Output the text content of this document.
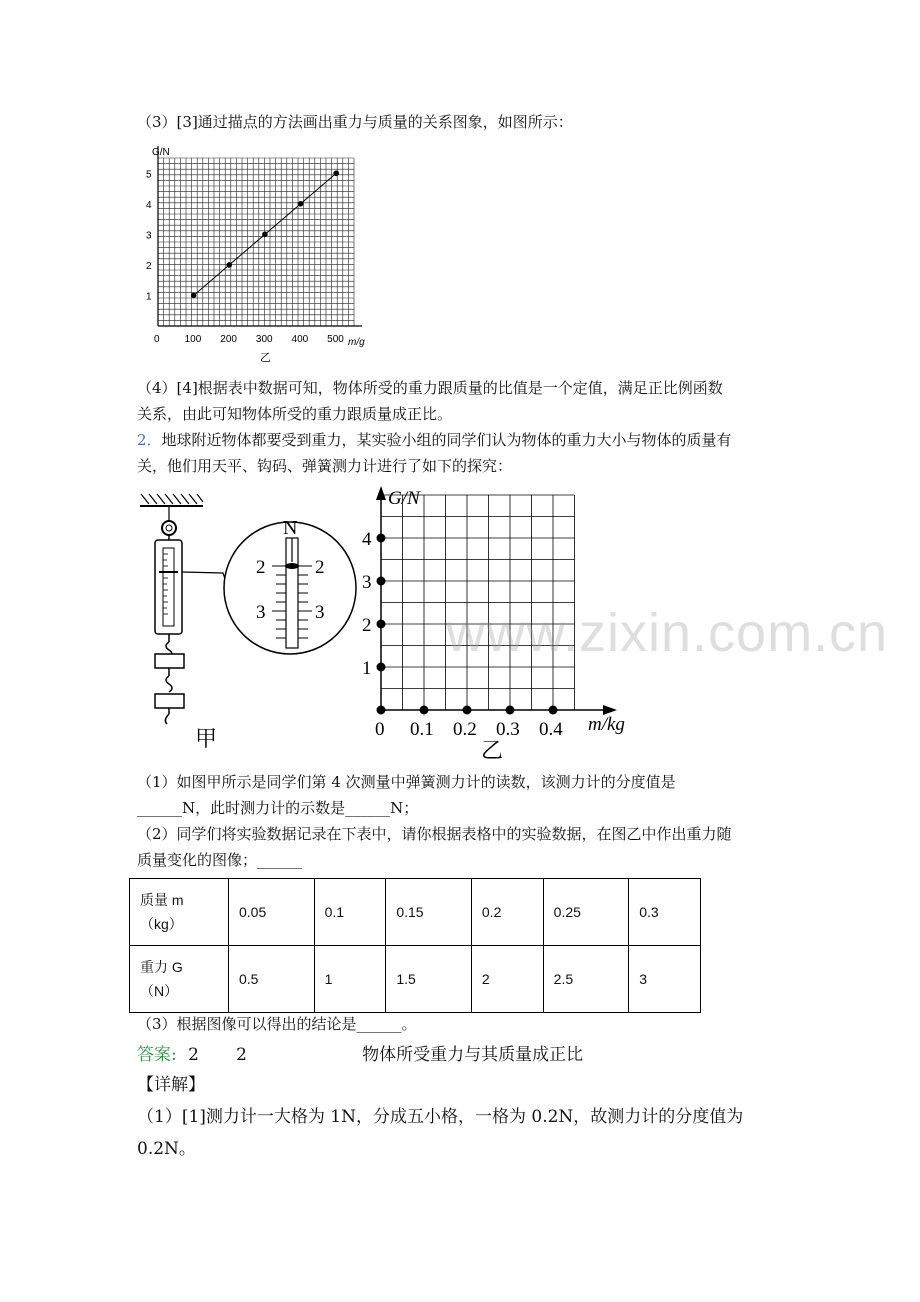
（3）[3]通过描点的方法画出重力与质量的关系图象，如图所示：
0	100 200 300 400 500
1
2
3
4
5
G/N
m/g
乙
（4）[4]根据表中数据可知，物体所受的重力跟质量的比值是一个定值，满足正比例函数
关系，由此可知物体所受的重力跟质量成正比。
2．地球附近物体都要受到重力，某实验小组的同学们认为物体的重力大小与物体的质量有
关，他们用天平、钩码、弹簧测力计进行了如下的探究：
N
2	2
3	3
甲
1
2
3
4
0 0.1 0.2 0.3 0.4
G/N
m/kg
乙
www.zixin.com.cn
（1）如图甲所示是同学们第 4 次测量中弹簧测力计的读数，该测力计的分度值是
______N，此时测力计的示数是______N；
（2）同学们将实验数据记录在下表中，请你根据表格中的实验数据，在图乙中作出重力随
质量变化的图像；______
质量 m
（kg）	0.05	0.1	0.15	0.2	0.25	0.3

重力 G
（N）	0.5	1	1.5	2	2.5	3
（3）根据图像可以得出的结论是______。
答案: 2 2	物体所受重力与其质量成正比
【详解】
（1）[1]测力计一大格为 1N，分成五小格，一格为 0.2N，故测力计的分度值为
0.2N。
